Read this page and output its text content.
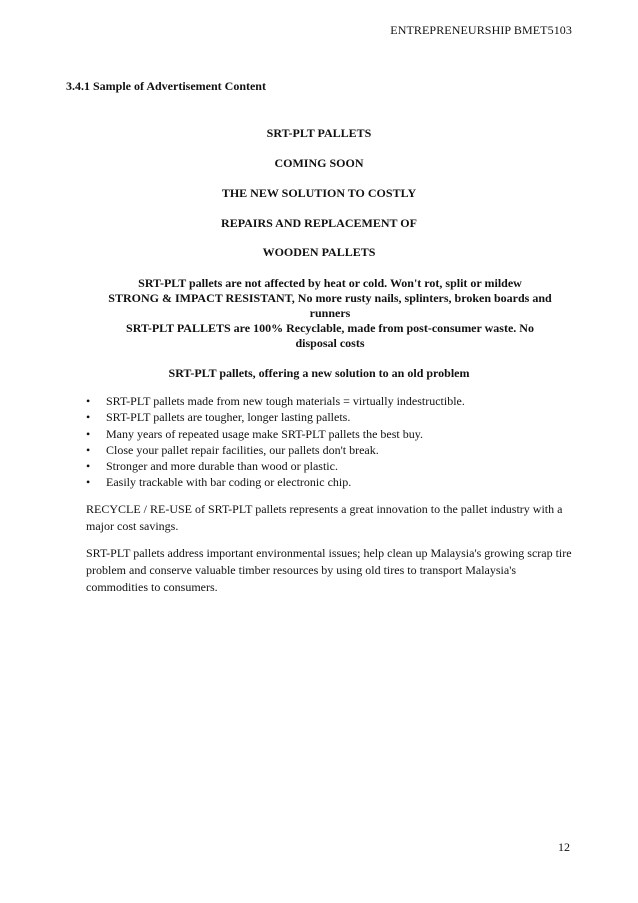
ENTREPRENEURSHIP BMET5103
3.4.1 Sample of Advertisement Content
SRT-PLT PALLETS
COMING SOON
THE NEW SOLUTION TO COSTLY
REPAIRS AND REPLACEMENT OF
WOODEN PALLETS
SRT-PLT pallets are not affected by heat or cold. Won't rot, split or mildew
STRONG & IMPACT RESISTANT, No more rusty nails, splinters, broken boards and
runners
SRT-PLT PALLETS are 100% Recyclable, made from post-consumer waste. No
disposal costs
SRT-PLT pallets, offering a new solution to an old problem
• SRT-PLT pallets made from new tough materials = virtually indestructible.
• SRT-PLT pallets are tougher, longer lasting pallets.
• Many years of repeated usage make SRT-PLT pallets the best buy.
• Close your pallet repair facilities, our pallets don't break.
• Stronger and more durable than wood or plastic.
• Easily trackable with bar coding or electronic chip.
RECYCLE / RE-USE of SRT-PLT pallets represents a great innovation to the pallet industry with a major cost savings.
SRT-PLT pallets address important environmental issues; help clean up Malaysia's growing scrap tire problem and conserve valuable timber resources by using old tires to transport Malaysia's commodities to consumers.
12
